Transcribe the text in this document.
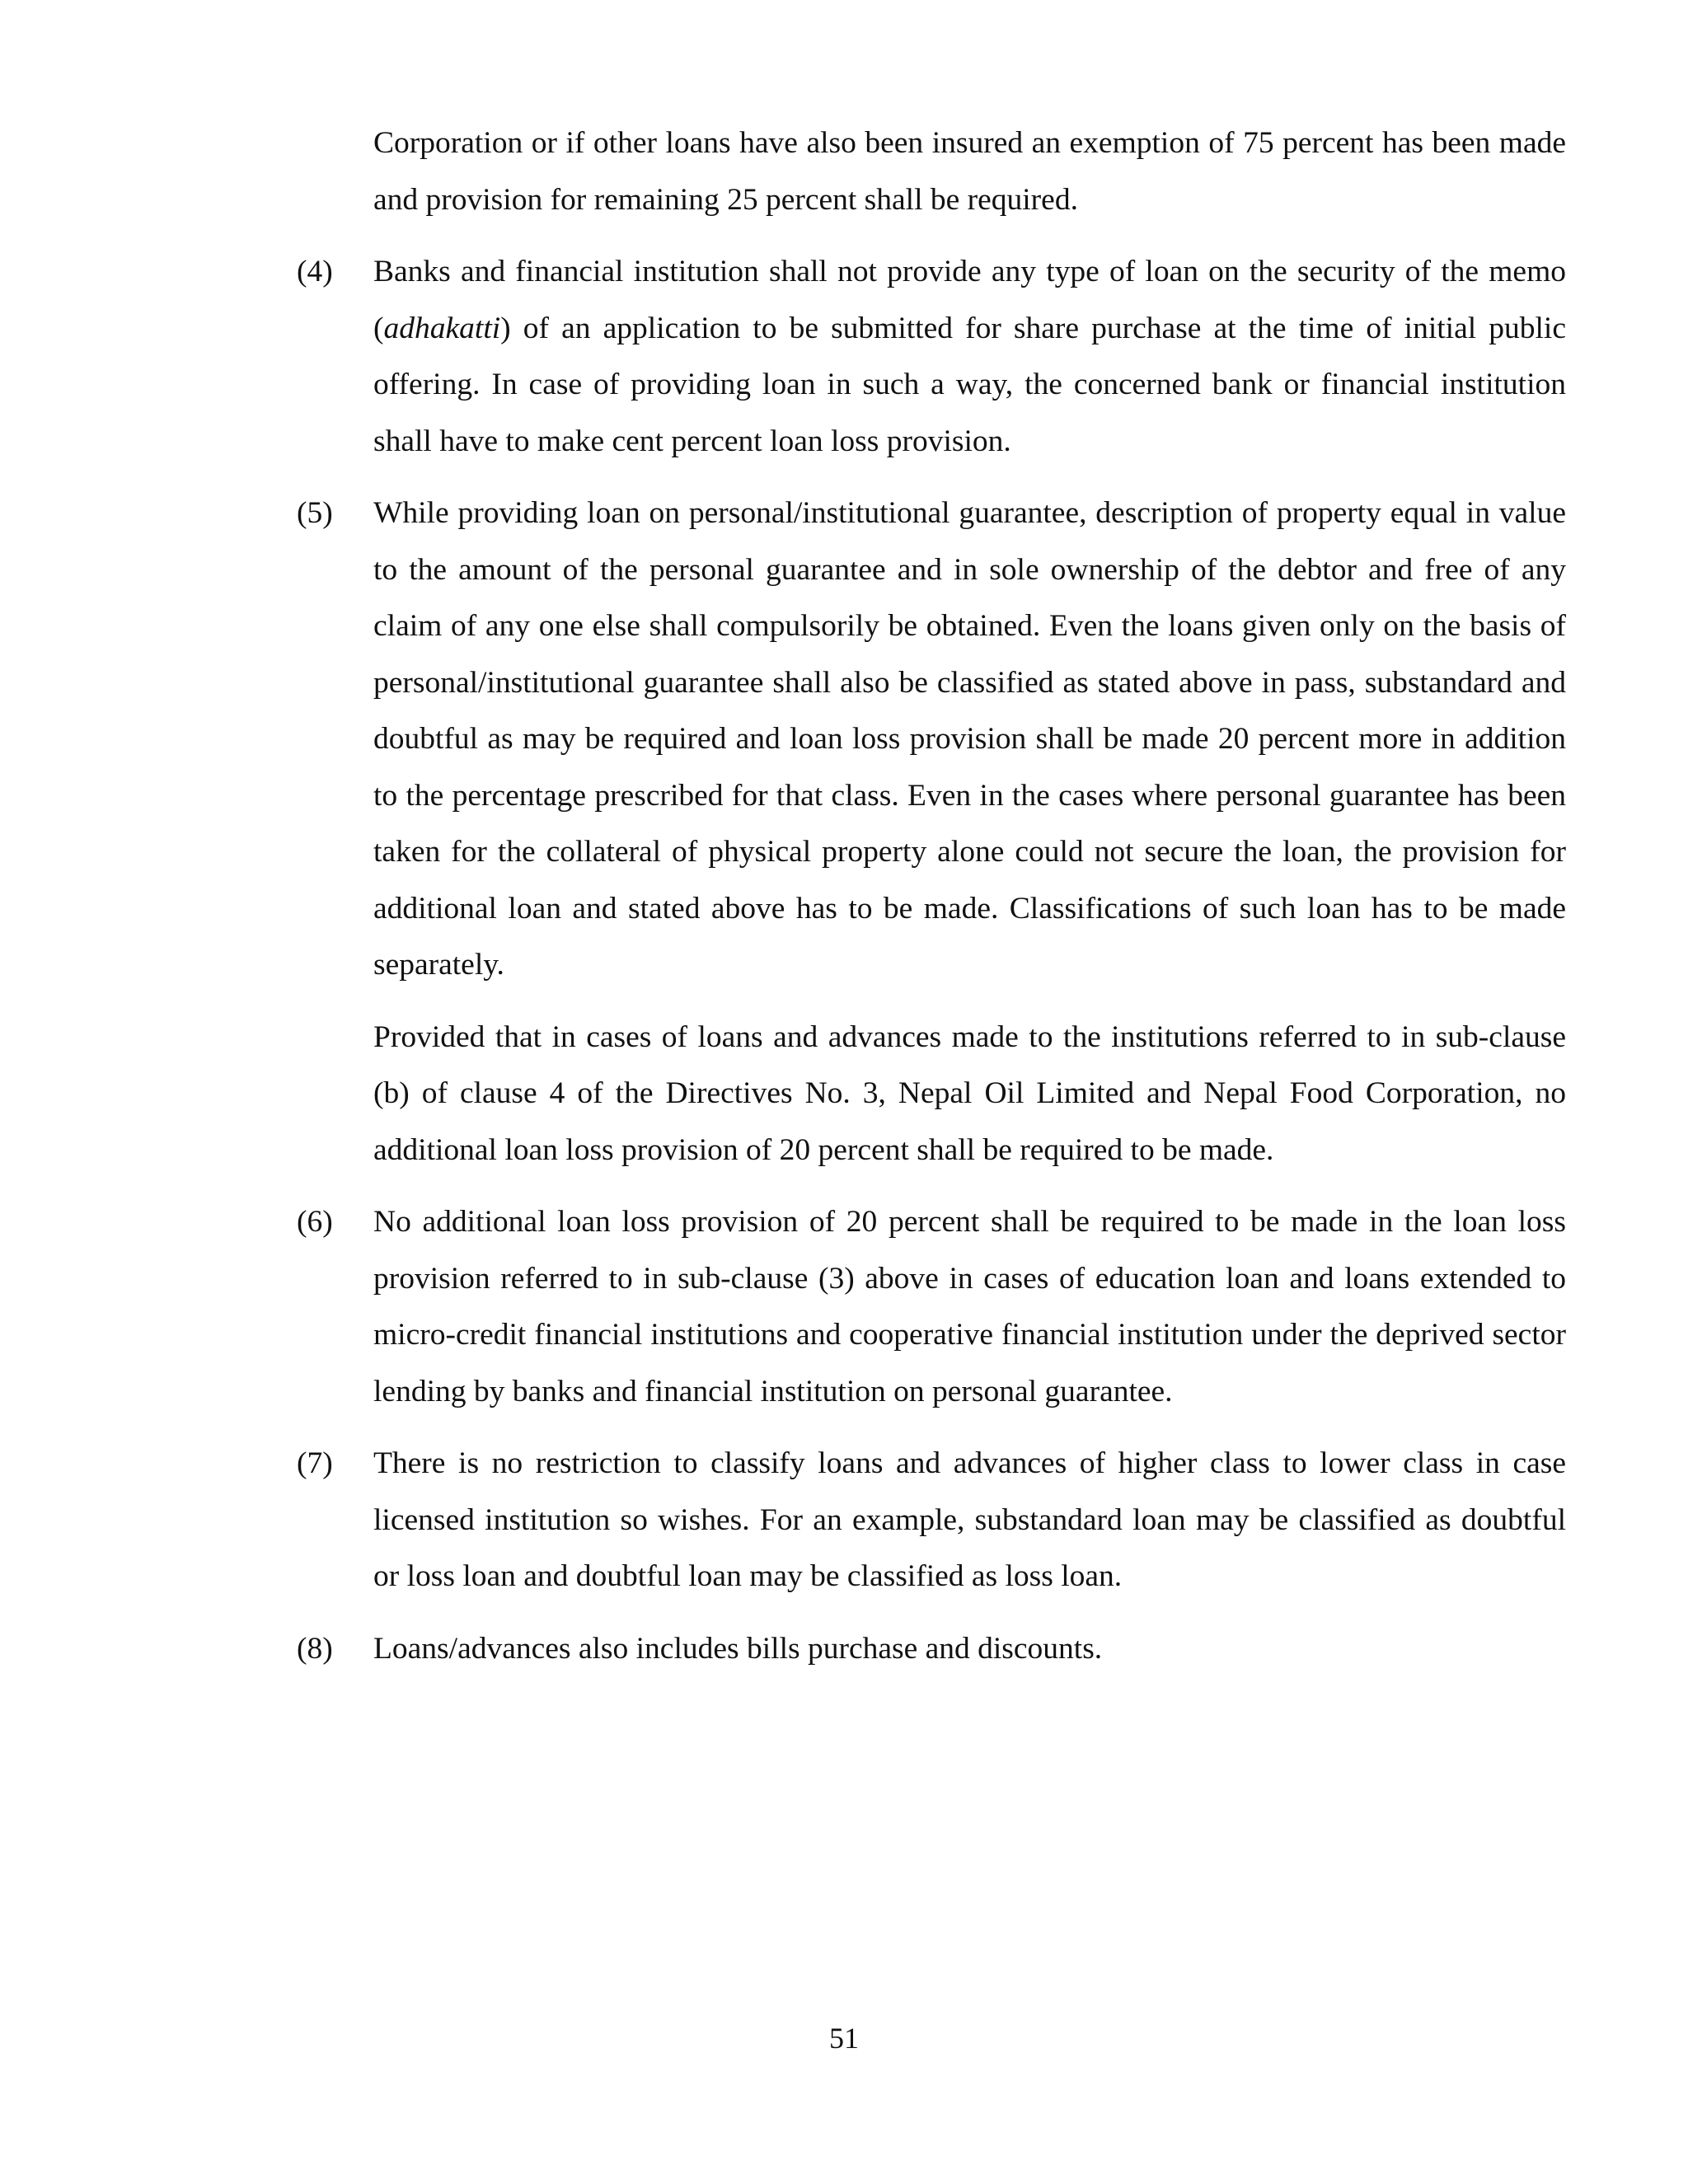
Corporation or if other loans have also been insured an exemption of 75 percent has been made and provision for remaining 25 percent shall be required.

(4) Banks and financial institution shall not provide any type of loan on the security of the memo (adhakatti) of an application to be submitted for share purchase at the time of initial public offering. In case of providing loan in such a way, the concerned bank or financial institution shall have to make cent percent loan loss provision.

(5) While providing loan on personal/institutional guarantee, description of property equal in value to the amount of the personal guarantee and in sole ownership of the debtor and free of any claim of any one else shall compulsorily be obtained. Even the loans given only on the basis of personal/institutional guarantee shall also be classified as stated above in pass, substandard and doubtful as may be required and loan loss provision shall be made 20 percent more in addition to the percentage prescribed for that class. Even in the cases where personal guarantee has been taken for the collateral of physical property alone could not secure the loan, the provision for additional loan and stated above has to be made. Classifications of such loan has to be made separately.

Provided that in cases of loans and advances made to the institutions referred to in sub-clause (b) of clause 4 of the Directives No. 3, Nepal Oil Limited and Nepal Food Corporation, no additional loan loss provision of 20 percent shall be required to be made.

(6) No additional loan loss provision of 20 percent shall be required to be made in the loan loss provision referred to in sub-clause (3) above in cases of education loan and loans extended to micro-credit financial institutions and cooperative financial institution under the deprived sector lending by banks and financial institution on personal guarantee.

(7) There is no restriction to classify loans and advances of higher class to lower class in case licensed institution so wishes. For an example, substandard loan may be classified as doubtful or loss loan and doubtful loan may be classified as loss loan.

(8) Loans/advances also includes bills purchase and discounts.

51
